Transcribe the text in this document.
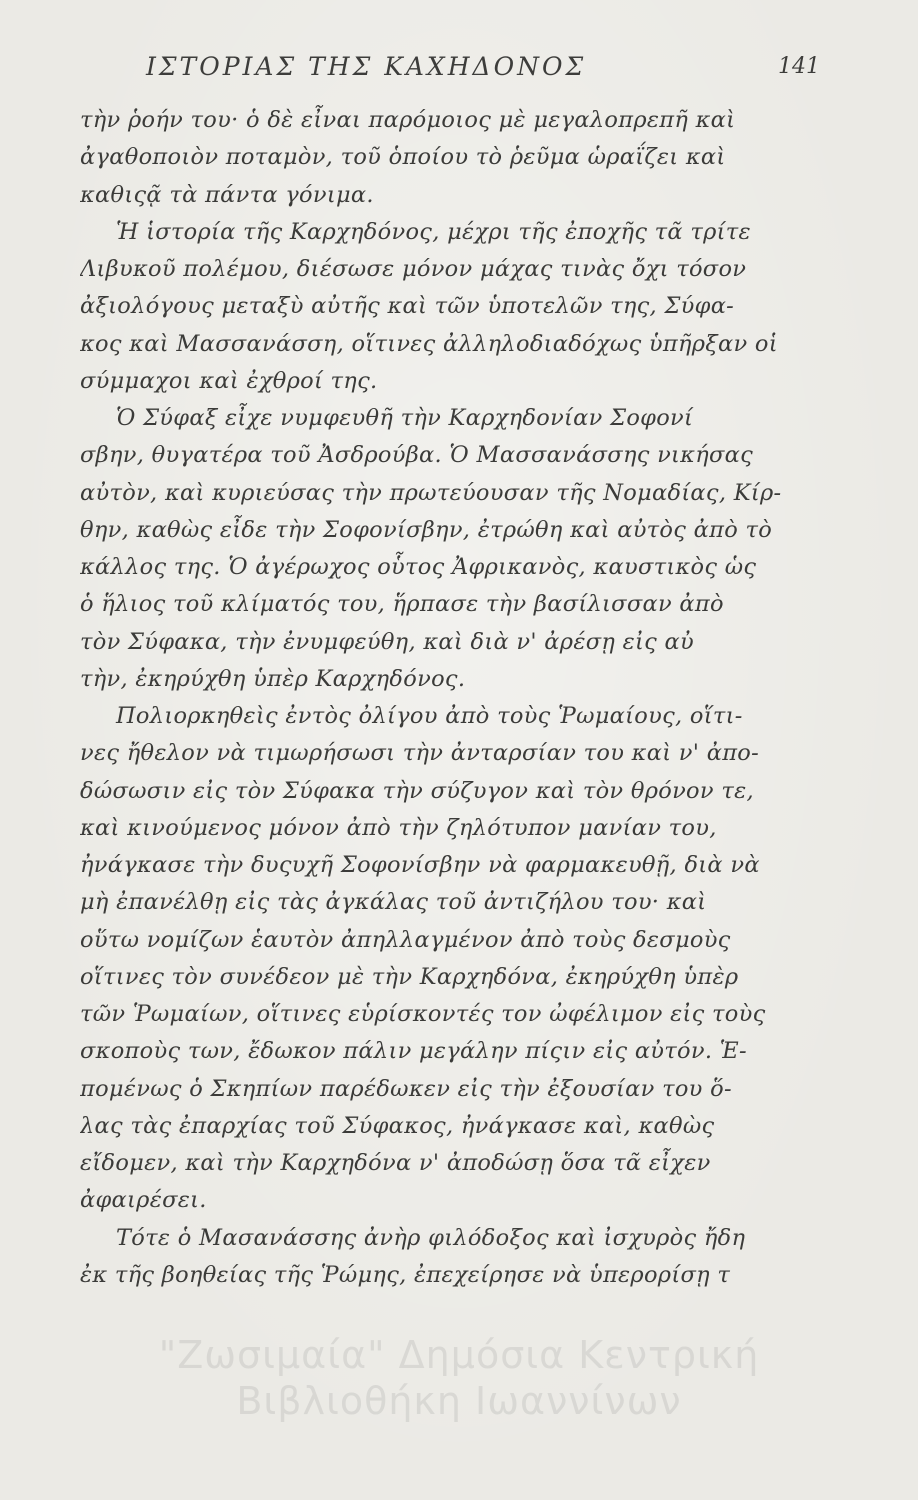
ΙΣΤΟΡΙΑΣ ΤΗΣ ΚΑΧΗΔΟΝΟΣ	141
τὴν ῥοήν του· ὁ δὲ εἶναι παρόμοιος μὲ μεγαλοπρεπῆ καὶ
ἀγαθοποιὸν ποταμὸν, τοῦ ὁποίου τὸ ῥεῦμα ὡραΐζει καὶ
καθιςᾷ τὰ πάντα γόνιμα.
Ἡ ἱστορία τῆς Καρχηδόνος, μέχρι τῆς ἐποχῆς τᾶ τρίτε
Λιβυκοῦ πολέμου, διέσωσε μόνον μάχας τινὰς ὄχι τόσον
ἀξιολόγους μεταξὺ αὐτῆς καὶ τῶν ὑποτελῶν της, Σύφα-
κος καὶ Μασσανάσση, οἵτινες ἀλληλοδιαδόχως ὑπῆρξαν οἱ
σύμμαχοι καὶ ἐχθροί της.
Ὁ Σύφαξ εἶχε νυμφευθῆ τὴν Καρχηδονίαν Σοφονί
σβην, θυγατέρα τοῦ Ἀσδρούβα. Ὁ Μασσανάσσης νικήσας
αὐτὸν, καὶ κυριεύσας τὴν πρωτεύουσαν τῆς Νομαδίας, Κίρ-
θην, καθὼς εἶδε τὴν Σοφονίσβην, ἐτρώθη καὶ αὐτὸς ἀπὸ τὸ
κάλλος της. Ὁ ἀγέρωχος οὗτος Ἀφρικανὸς, καυστικὸς ὡς
ὁ ἥλιος τοῦ κλίματός του, ἥρπασε τὴν βασίλισσαν ἀπὸ
τὸν Σύφακα, τὴν ἐνυμφεύθη, καὶ διὰ ν' ἀρέσῃ εἰς αὐ
τὴν, ἐκηρύχθη ὑπὲρ Καρχηδόνος.
Πολιορκηθεὶς ἐντὸς ὀλίγου ἀπὸ τοὺς Ῥωμαίους, οἵτι-
νες ἤθελον νὰ τιμωρήσωσι τὴν ἀνταρσίαν του καὶ ν' ἀπο-
δώσωσιν εἰς τὸν Σύφακα τὴν σύζυγον καὶ τὸν θρόνον τε,
καὶ κινούμενος μόνον ἀπὸ τὴν ζηλότυπον μανίαν του,
ἠνάγκασε τὴν δυςυχῆ Σοφονίσβην νὰ φαρμακευθῇ, διὰ νὰ
μὴ ἐπανέλθῃ εἰς τὰς ἀγκάλας τοῦ ἀντιζήλου του· καὶ
οὕτω νομίζων ἑαυτὸν ἀπηλλαγμένον ἀπὸ τοὺς δεσμοὺς
οἵτινες τὸν συνέδεον μὲ τὴν Καρχηδόνα, ἐκηρύχθη ὑπὲρ
τῶν Ῥωμαίων, οἵτινες εὑρίσκοντές τον ὠφέλιμον εἰς τοὺς
σκοποὺς των, ἔδωκον πάλιν μεγάλην πίςιν εἰς αὐτόν. Ἑ-
πομένως ὁ Σκηπίων παρέδωκεν εἰς τὴν ἐξουσίαν του ὅ-
λας τὰς ἐπαρχίας τοῦ Σύφακος, ἠνάγκασε καὶ, καθὼς
εἴδομεν, καὶ τὴν Καρχηδόνα ν' ἀποδώσῃ ὅσα τᾶ εἶχεν
ἀφαιρέσει.
Τότε ὁ Μασανάσσης ἀνὴρ φιλόδοξος καὶ ἰσχυρὸς ἤδη
ἐκ τῆς βοηθείας τῆς Ῥώμης, ἐπεχείρησε νὰ ὑπερορίσῃ τ
"Ζωσιμαία" Δημόσια Κεντρική
Βιβλιοθήκη Ιωαννίνων
